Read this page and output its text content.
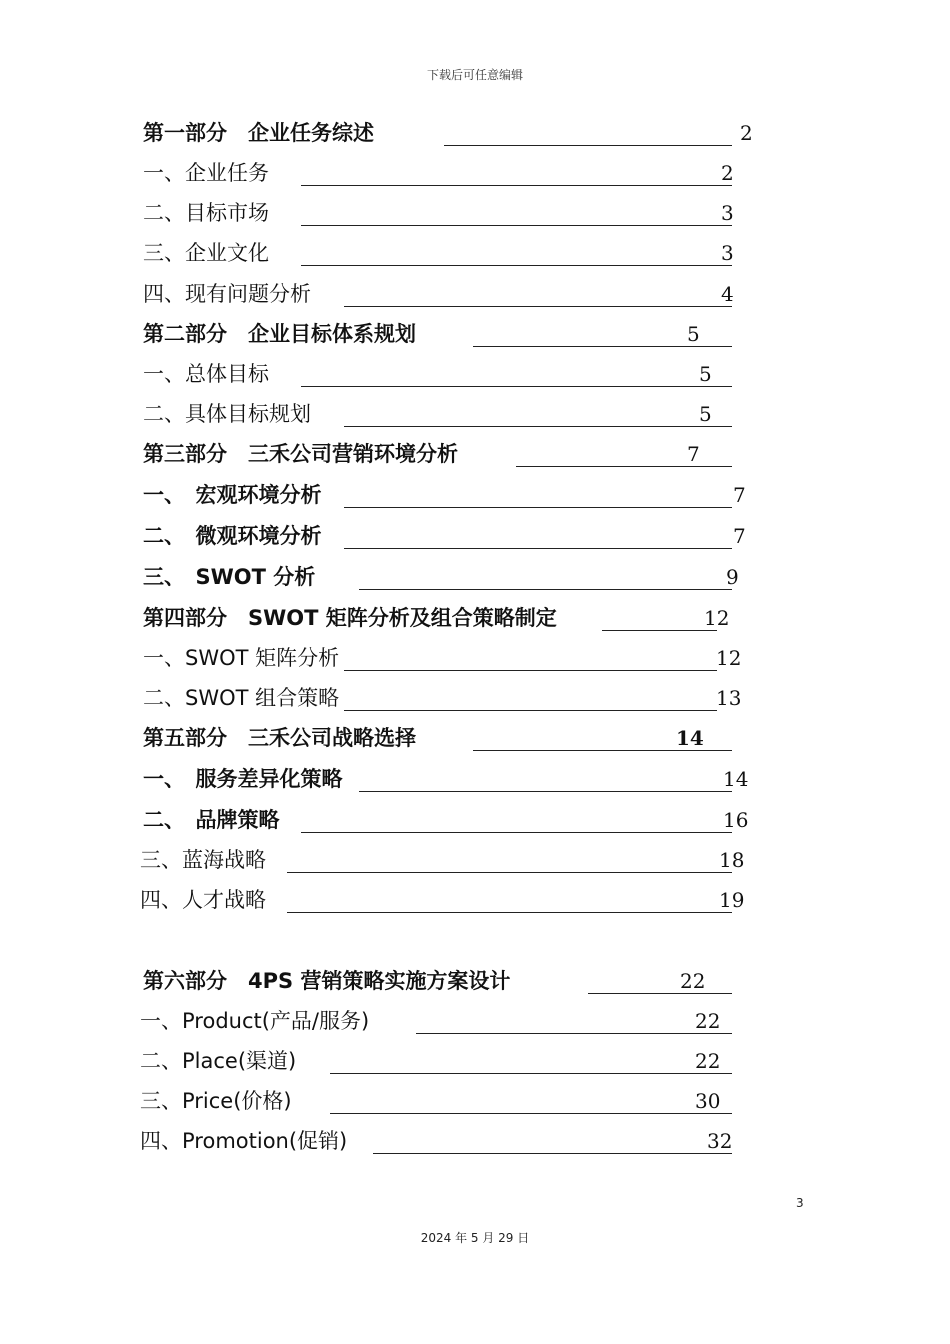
下载后可任意编辑
第一部分　企业任务综述	2
一、企业任务	2
二、目标市场	3
三、企业文化	3
四、现有问题分析	4
第二部分　企业目标体系规划	5
一、总体目标	5
二、具体目标规划	5
第三部分　三禾公司营销环境分析	7
一、　宏观环境分析	7
二、　微观环境分析	7
三、　SWOT 分析	9
第四部分　SWOT 矩阵分析及组合策略制定	12
一、SWOT 矩阵分析	12
二、SWOT 组合策略	13
第五部分　三禾公司战略选择	14
一、　服务差异化策略	14
二、　品牌策略	16
三、蓝海战略	18
四、人才战略	19
第六部分　4PS 营销策略实施方案设计	22
一、Product(产品/服务)	22
二、Place(渠道)	22
三、Price(价格)	30
四、Promotion(促销)	32
3
2024 年 5 月 29 日
